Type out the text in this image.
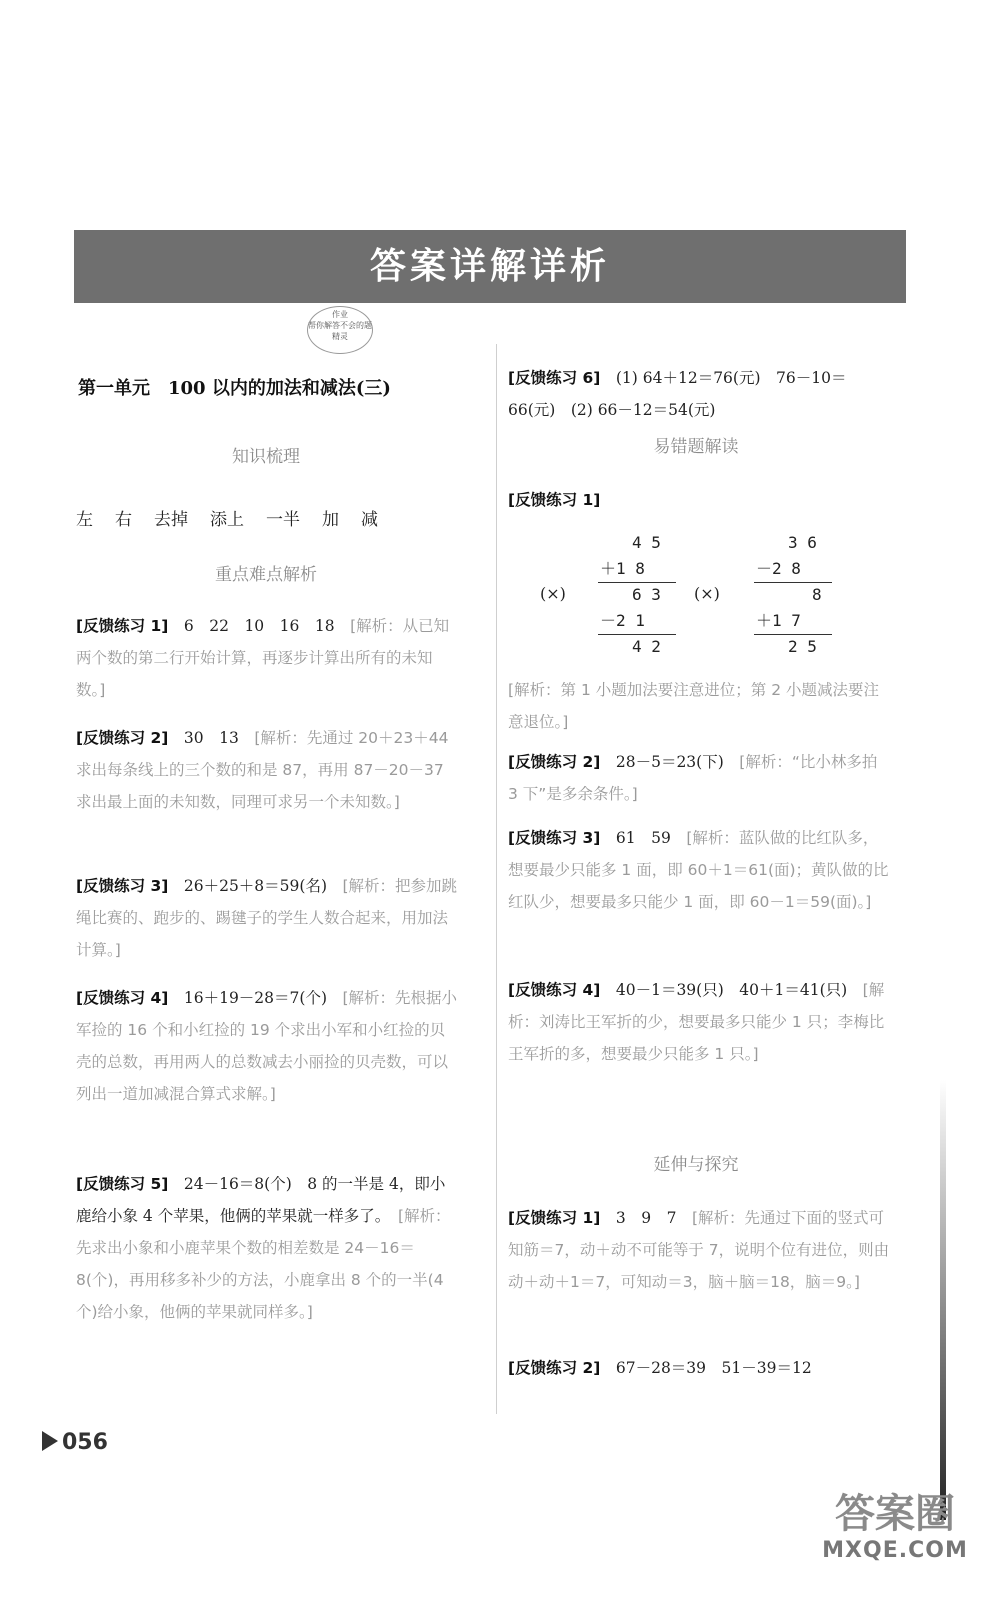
答案详解详析
作业
帮你解答不会的题
精灵
第一单元　100 以内的加法和减法(三)
知识梳理
左 右 去掉 添上 一半 加 减
重点难点解析
[反馈练习 1]　6　22　10　16　18　[解析：从已知两个数的第二行开始计算，再逐步计算出所有的未知数。]
[反馈练习 2]　30　13　[解析：先通过 20＋23＋44 求出每条线上的三个数的和是 87，再用 87－20－37 求出最上面的未知数，同理可求另一个未知数。]
[反馈练习 3]　26＋25＋8＝59(名)　[解析：把参加跳绳比赛的、跑步的、踢毽子的学生人数合起来，用加法计算。]
[反馈练习 4]　16＋19－28＝7(个)　[解析：先根据小军捡的 16 个和小红捡的 19 个求出小军和小红捡的贝壳的总数，再用两人的总数减去小丽捡的贝壳数，可以列出一道加减混合算式求解。]
[反馈练习 5]　24－16＝8(个)　8 的一半是 4，即小鹿给小象 4 个苹果，他俩的苹果就一样多了。　[解析：先求出小象和小鹿苹果个数的相差数是 24－16＝8(个)，再用移多补少的方法，小鹿拿出 8 个的一半(4 个)给小象，他俩的苹果就同样多。]
[反馈练习 6]　(1) 64＋12＝76(元)　76－10＝66(元)　(2) 66－12＝54(元)
易错题解读
[反馈练习 1]
4 5
＋1 8
6 3
－2 1
4 2
(×)
3 6
－2 8
8
＋1 7
2 5
(×)
[解析：第 1 小题加法要注意进位；第 2 小题减法要注意退位。]
[反馈练习 2]　28－5＝23(下)　[解析：“比小林多拍 3 下”是多余条件。]
[反馈练习 3]　61　59　[解析：蓝队做的比红队多，想要最少只能多 1 面，即 60＋1＝61(面)；黄队做的比红队少，想要最多只能少 1 面，即 60－1＝59(面)。]
[反馈练习 4]　40－1＝39(只)　40＋1＝41(只)　[解析：刘涛比王军折的少，想要最多只能少 1 只；李梅比王军折的多，想要最少只能多 1 只。]
延伸与探究
[反馈练习 1]　3　9　7　[解析：先通过下面的竖式可知筋＝7，动＋动不可能等于 7，说明个位有进位，则由动＋动＋1＝7，可知动＝3，脑＋脑＝18，脑＝9。]
[反馈练习 2]　67－28＝39　51－39＝12
056
答案圈
MXQE.COM
